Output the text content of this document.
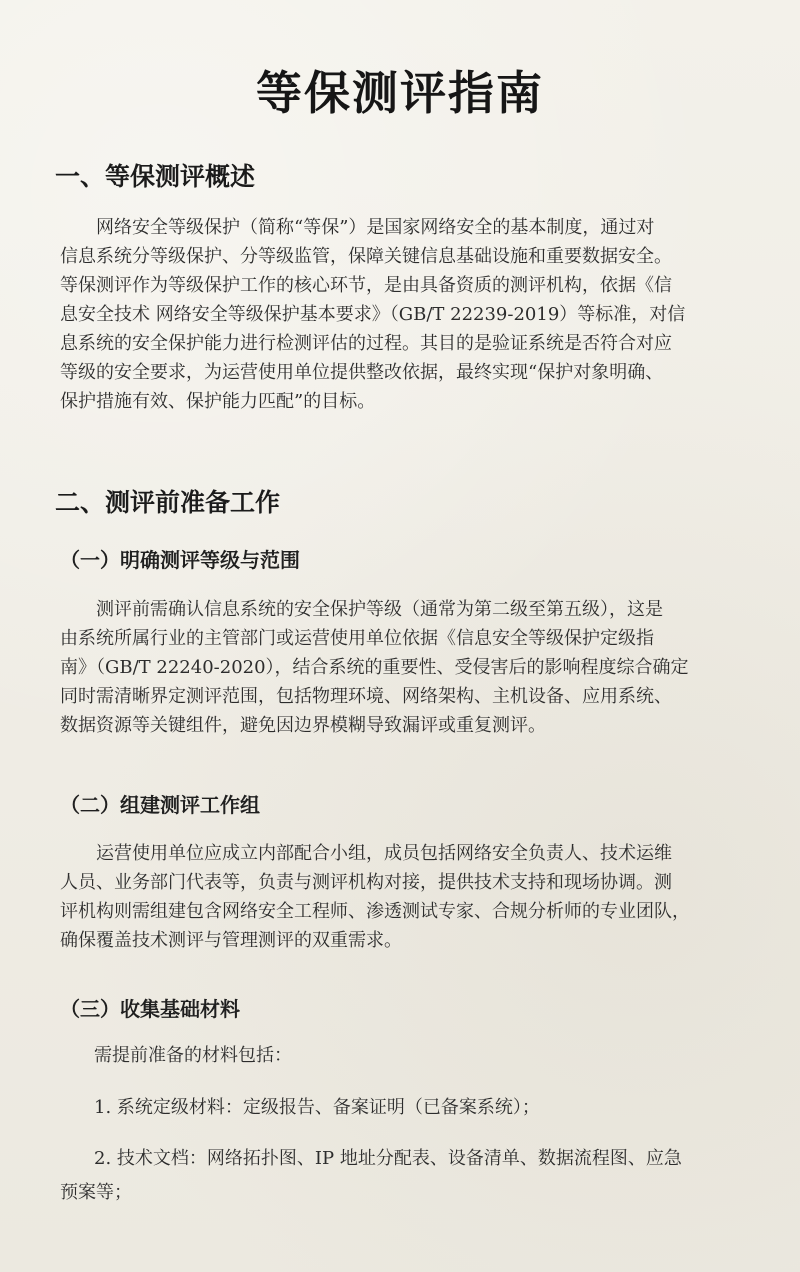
等保测评指南
一、等保测评概述
网络安全等级保护（简称“等保”）是国家网络安全的基本制度，通过对
信息系统分等级保护、分等级监管，保障关键信息基础设施和重要数据安全。
等保测评作为等级保护工作的核心环节，是由具备资质的测评机构，依据《信
息安全技术 网络安全等级保护基本要求》（GB/T 22239-2019）等标准，对信
息系统的安全保护能力进行检测评估的过程。其目的是验证系统是否符合对应
等级的安全要求，为运营使用单位提供整改依据，最终实现“保护对象明确、
保护措施有效、保护能力匹配”的目标。
二、测评前准备工作
（一）明确测评等级与范围
测评前需确认信息系统的安全保护等级（通常为第二级至第五级），这是
由系统所属行业的主管部门或运营使用单位依据《信息安全等级保护定级指
南》（GB/T 22240-2020），结合系统的重要性、受侵害后的影响程度综合确定
同时需清晰界定测评范围，包括物理环境、网络架构、主机设备、应用系统、
数据资源等关键组件，避免因边界模糊导致漏评或重复测评。
（二）组建测评工作组
运营使用单位应成立内部配合小组，成员包括网络安全负责人、技术运维
人员、业务部门代表等，负责与测评机构对接，提供技术支持和现场协调。测
评机构则需组建包含网络安全工程师、渗透测试专家、合规分析师的专业团队，
确保覆盖技术测评与管理测评的双重需求。
（三）收集基础材料
需提前准备的材料包括：
1. 系统定级材料：定级报告、备案证明（已备案系统）；
2. 技术文档：网络拓扑图、IP 地址分配表、设备清单、数据流程图、应急
预案等；
